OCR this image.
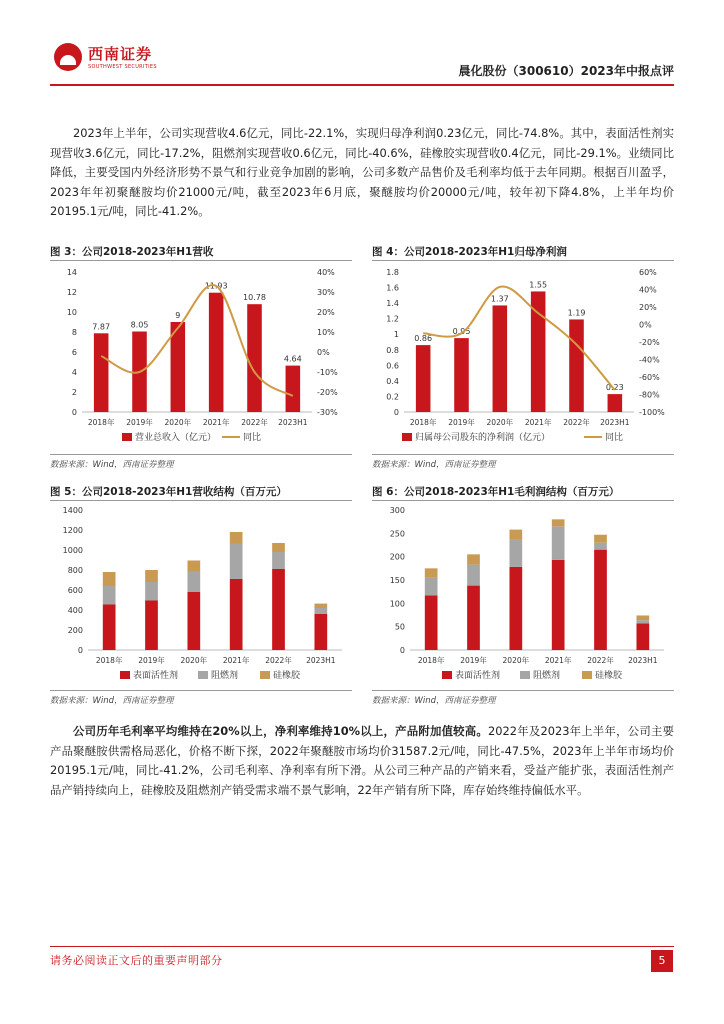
西南证券
SOUTHWEST SECURITIES	晨化股份（300610）2023年中报点评
2023年上半年，公司实现营收4.6亿元，同比-22.1%，实现归母净利润0.23亿元，同比-74.8%。其中，表面活性剂实现营收3.6亿元，同比-17.2%，阻燃剂实现营收0.6亿元，同比-40.6%，硅橡胶实现营收0.4亿元，同比-29.1%。业绩同比降低，主要受国内外经济形势不景气和行业竞争加剧的影响，公司多数产品售价及毛利率均低于去年同期。根据百川盈孚，2023年年初聚醚胺均价21000元/吨，截至2023年6月底，聚醚胺均价20000元/吨，较年初下降4.8%，上半年均价20195.1元/吨，同比-41.2%。
图 3：公司2018-2023年H1营收
0
2
4
6
8
10
12
14
-30%
-20%
-10%
0%
10%
20%
30%
40%
7.87
2018年
8.05
2019年
9
2020年
11.93
2021年
10.78
2022年
4.64
2023H1
营业总收入（亿元）	同比
数据来源：Wind，西南证券整理
图 4：公司2018-2023年H1归母净利润
0
0.2
0.4
0.6
0.8
1
1.2
1.4
1.6
1.8
-100%
-80%
-60%
-40%
-20%
0%
20%
40%
60%
0.86
2018年
0.95
2019年
1.37
2020年
1.55
2021年
1.19
2022年
0.23
2023H1
归属母公司股东的净利润（亿元）	同比
数据来源：Wind，西南证券整理
图 5：公司2018-2023年H1营收结构（百万元）
0
200
400
600
800
1000
1200
1400
2018年 2019年 2020年 2021年 2022年 2023H1
表面活性剂	阻燃剂	硅橡胶
数据来源：Wind，西南证券整理
图 6：公司2018-2023年H1毛利润结构（百万元）
0
50
100
150
200
250
300
2018年 2019年 2020年 2021年 2022年 2023H1
表面活性剂	阻燃剂	硅橡胶
数据来源：Wind，西南证券整理
公司历年毛利率平均维持在20%以上，净利率维持10%以上，产品附加值较高。2022年及2023年上半年，公司主要产品聚醚胺供需格局恶化，价格不断下探，2022年聚醚胺市场均价31587.2元/吨，同比-47.5%，2023年上半年市场均价20195.1元/吨，同比-41.2%，公司毛利率、净利率有所下滑。从公司三种产品的产销来看，受益产能扩张，表面活性剂产品产销持续向上，硅橡胶及阻燃剂产销受需求端不景气影响，22年产销有所下降，库存始终维持偏低水平。
请务必阅读正文后的重要声明部分	5
